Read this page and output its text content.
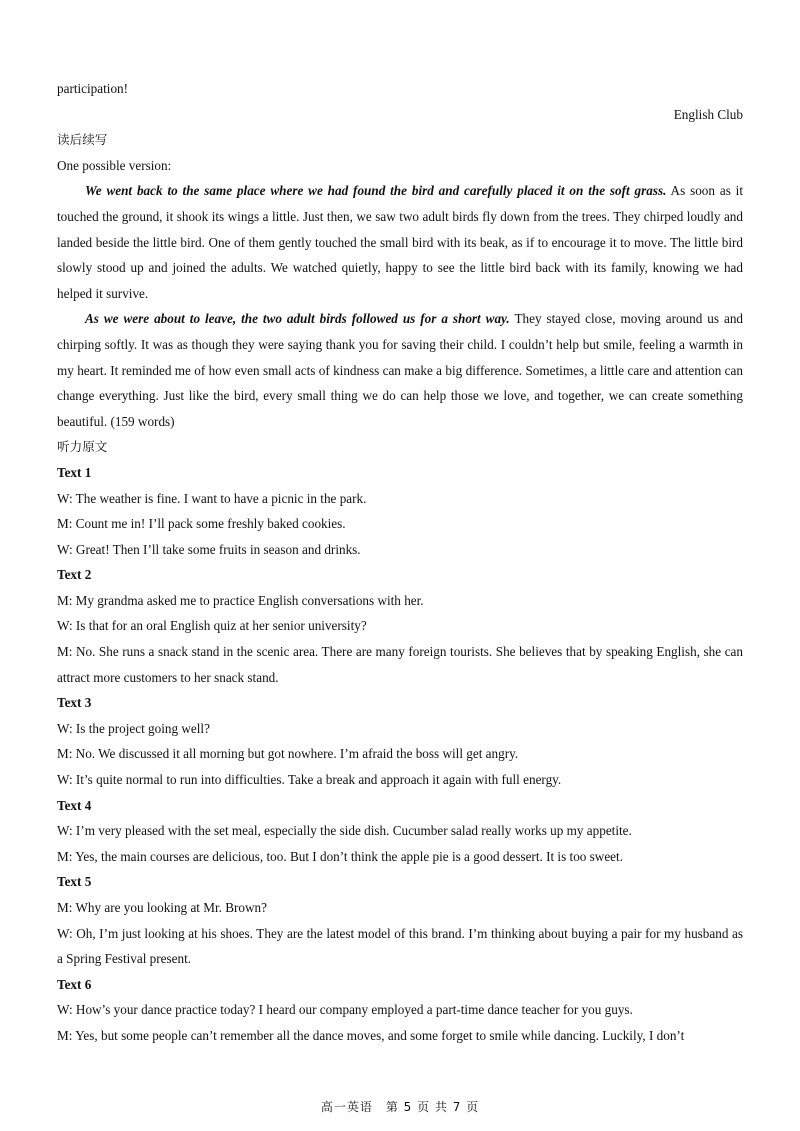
participation!

English Club

读后续写

One possible version:

We went back to the same place where we had found the bird and carefully placed it on the soft grass. As soon as it touched the ground, it shook its wings a little. Just then, we saw two adult birds fly down from the trees. They chirped loudly and landed beside the little bird. One of them gently touched the small bird with its beak, as if to encourage it to move. The little bird slowly stood up and joined the adults. We watched quietly, happy to see the little bird back with its family, knowing we had helped it survive.

As we were about to leave, the two adult birds followed us for a short way. They stayed close, moving around us and chirping softly. It was as though they were saying thank you for saving their child. I couldn’t help but smile, feeling a warmth in my heart. It reminded me of how even small acts of kindness can make a big difference. Sometimes, a little care and attention can change everything. Just like the bird, every small thing we do can help those we love, and together, we can create something beautiful. (159 words)

听力原文

Text 1

W: The weather is fine. I want to have a picnic in the park.

M: Count me in! I’ll pack some freshly baked cookies.

W: Great! Then I’ll take some fruits in season and drinks.

Text 2

M: My grandma asked me to practice English conversations with her.

W: Is that for an oral English quiz at her senior university?

M: No. She runs a snack stand in the scenic area. There are many foreign tourists. She believes that by speaking English, she can attract more customers to her snack stand.

Text 3

W: Is the project going well?

M: No. We discussed it all morning but got nowhere. I’m afraid the boss will get angry.

W: It’s quite normal to run into difficulties. Take a break and approach it again with full energy.

Text 4

W: I’m very pleased with the set meal, especially the side dish. Cucumber salad really works up my appetite.

M: Yes, the main courses are delicious, too. But I don’t think the apple pie is a good dessert. It is too sweet.

Text 5

M: Why are you looking at Mr. Brown?

W: Oh, I’m just looking at his shoes. They are the latest model of this brand. I’m thinking about buying a pair for my husband as a Spring Festival present.

Text 6

W: How’s your dance practice today? I heard our company employed a part-time dance teacher for you guys.

M: Yes, but some people can’t remember all the dance moves, and some forget to smile while dancing. Luckily, I don’t

高一英语　第 5 页 共 7 页
